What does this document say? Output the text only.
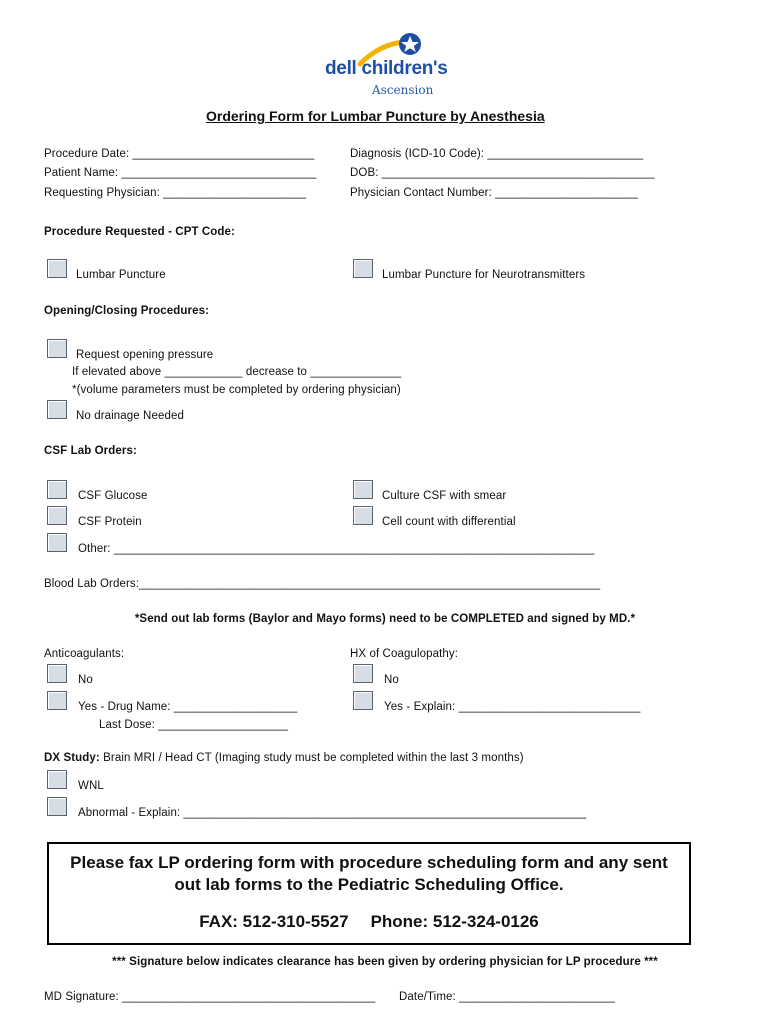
dell children's
Ascension
Ordering Form for Lumbar Puncture by Anesthesia
Procedure Date: ____________________________
Patient Name: ______________________________
Requesting Physician: ______________________
Diagnosis (ICD-10 Code): ________________________
DOB: __________________________________________
Physician Contact Number: ______________________
Procedure Requested - CPT Code:
Lumbar Puncture	Lumbar Puncture for Neurotransmitters
Opening/Closing Procedures:
Request opening pressure
If elevated above ____________ decrease to ______________
*(volume parameters must be completed by ordering physician)
No drainage Needed
CSF Lab Orders:
CSF Glucose
CSF Protein
Other: __________________________________________________________________________
Culture CSF with smear
Cell count with differential
Blood Lab Orders:_______________________________________________________________________
*Send out lab forms (Baylor and Mayo forms) need to be COMPLETED and signed by MD.*
Anticoagulants:
No
Yes - Drug Name: ___________________
Last Dose: ____________________
HX of Coagulopathy:
No
Yes - Explain: ____________________________
DX Study: Brain MRI / Head CT (Imaging study must be completed within the last 3 months)
WNL
Abnormal - Explain: ______________________________________________________________
Please fax LP ordering form with procedure scheduling form and any sent out lab forms to the Pediatric Scheduling Office.
FAX: 512-310-5527 Phone: 512-324-0126
*** Signature below indicates clearance has been given by ordering physician for LP procedure ***
MD Signature: _______________________________________ Date/Time: ________________________
